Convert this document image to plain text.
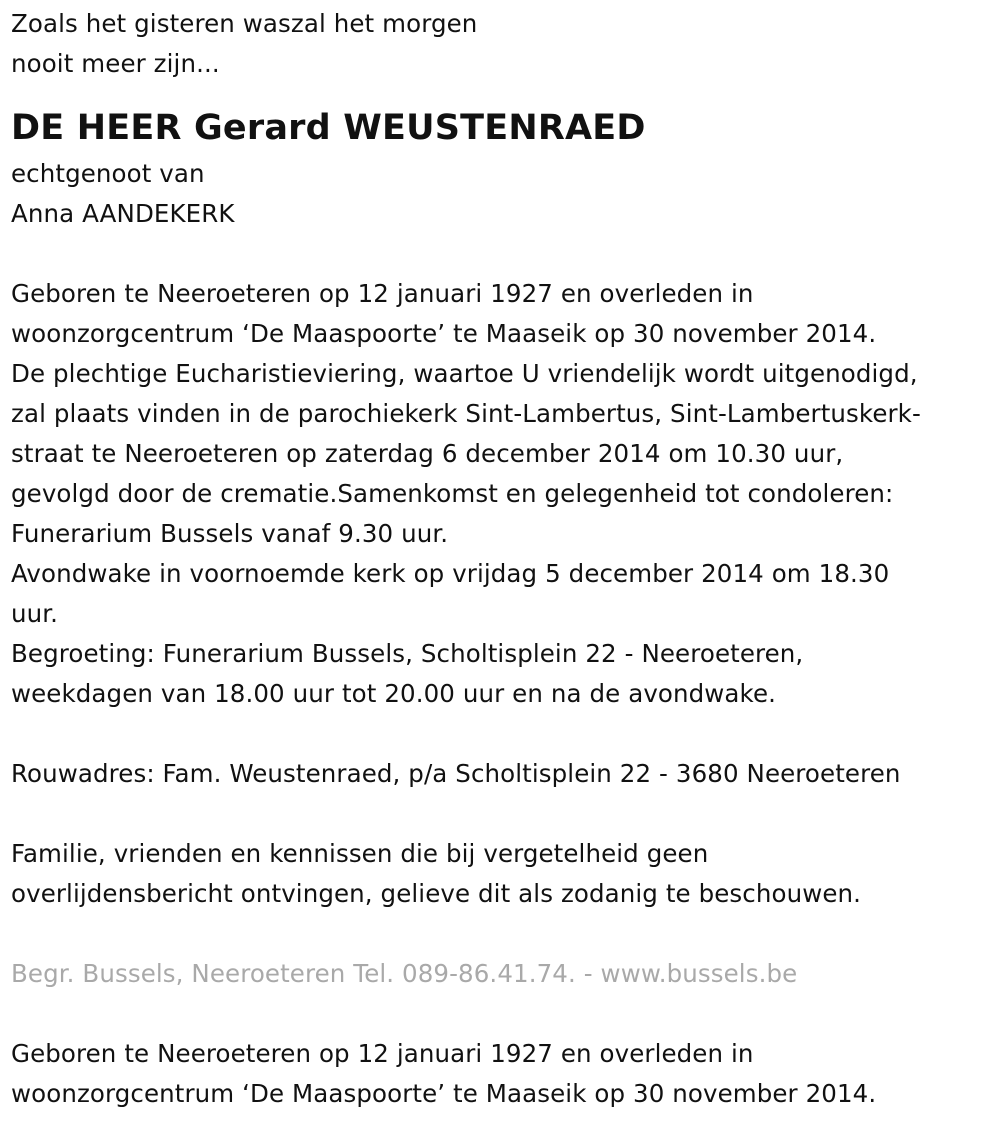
Zoals het gisteren waszal het morgen
nooit meer zijn...
DE HEER Gerard WEUSTENRAED
echtgenoot van
Anna AANDEKERK
Geboren te Neeroeteren op 12 januari 1927 en overleden in
woonzorgcentrum ‘De Maaspoorte’ te Maaseik op 30 november 2014.
De plechtige Eucharistieviering, waartoe U vriendelijk wordt uitgenodigd,
zal plaats vinden in de parochiekerk Sint-Lambertus, Sint-Lambertuskerk-
straat te Neeroeteren op zaterdag 6 december 2014 om 10.30 uur,
gevolgd door de crematie.Samenkomst en gelegenheid tot condoleren:
Funerarium Bussels vanaf 9.30 uur.
Avondwake in voornoemde kerk op vrijdag 5 december 2014 om 18.30
uur.
Begroeting: Funerarium Bussels, Scholtisplein 22 - Neeroeteren,
weekdagen van 18.00 uur tot 20.00 uur en na de avondwake.
Rouwadres: Fam. Weustenraed, p/a Scholtisplein 22 - 3680 Neeroeteren
Familie, vrienden en kennissen die bij vergetelheid geen
overlijdensbericht ontvingen, gelieve dit als zodanig te beschouwen.
Begr. Bussels, Neeroeteren Tel. 089-86.41.74. - www.bussels.be
Geboren te Neeroeteren op 12 januari 1927 en overleden in
woonzorgcentrum ‘De Maaspoorte’ te Maaseik op 30 november 2014.
